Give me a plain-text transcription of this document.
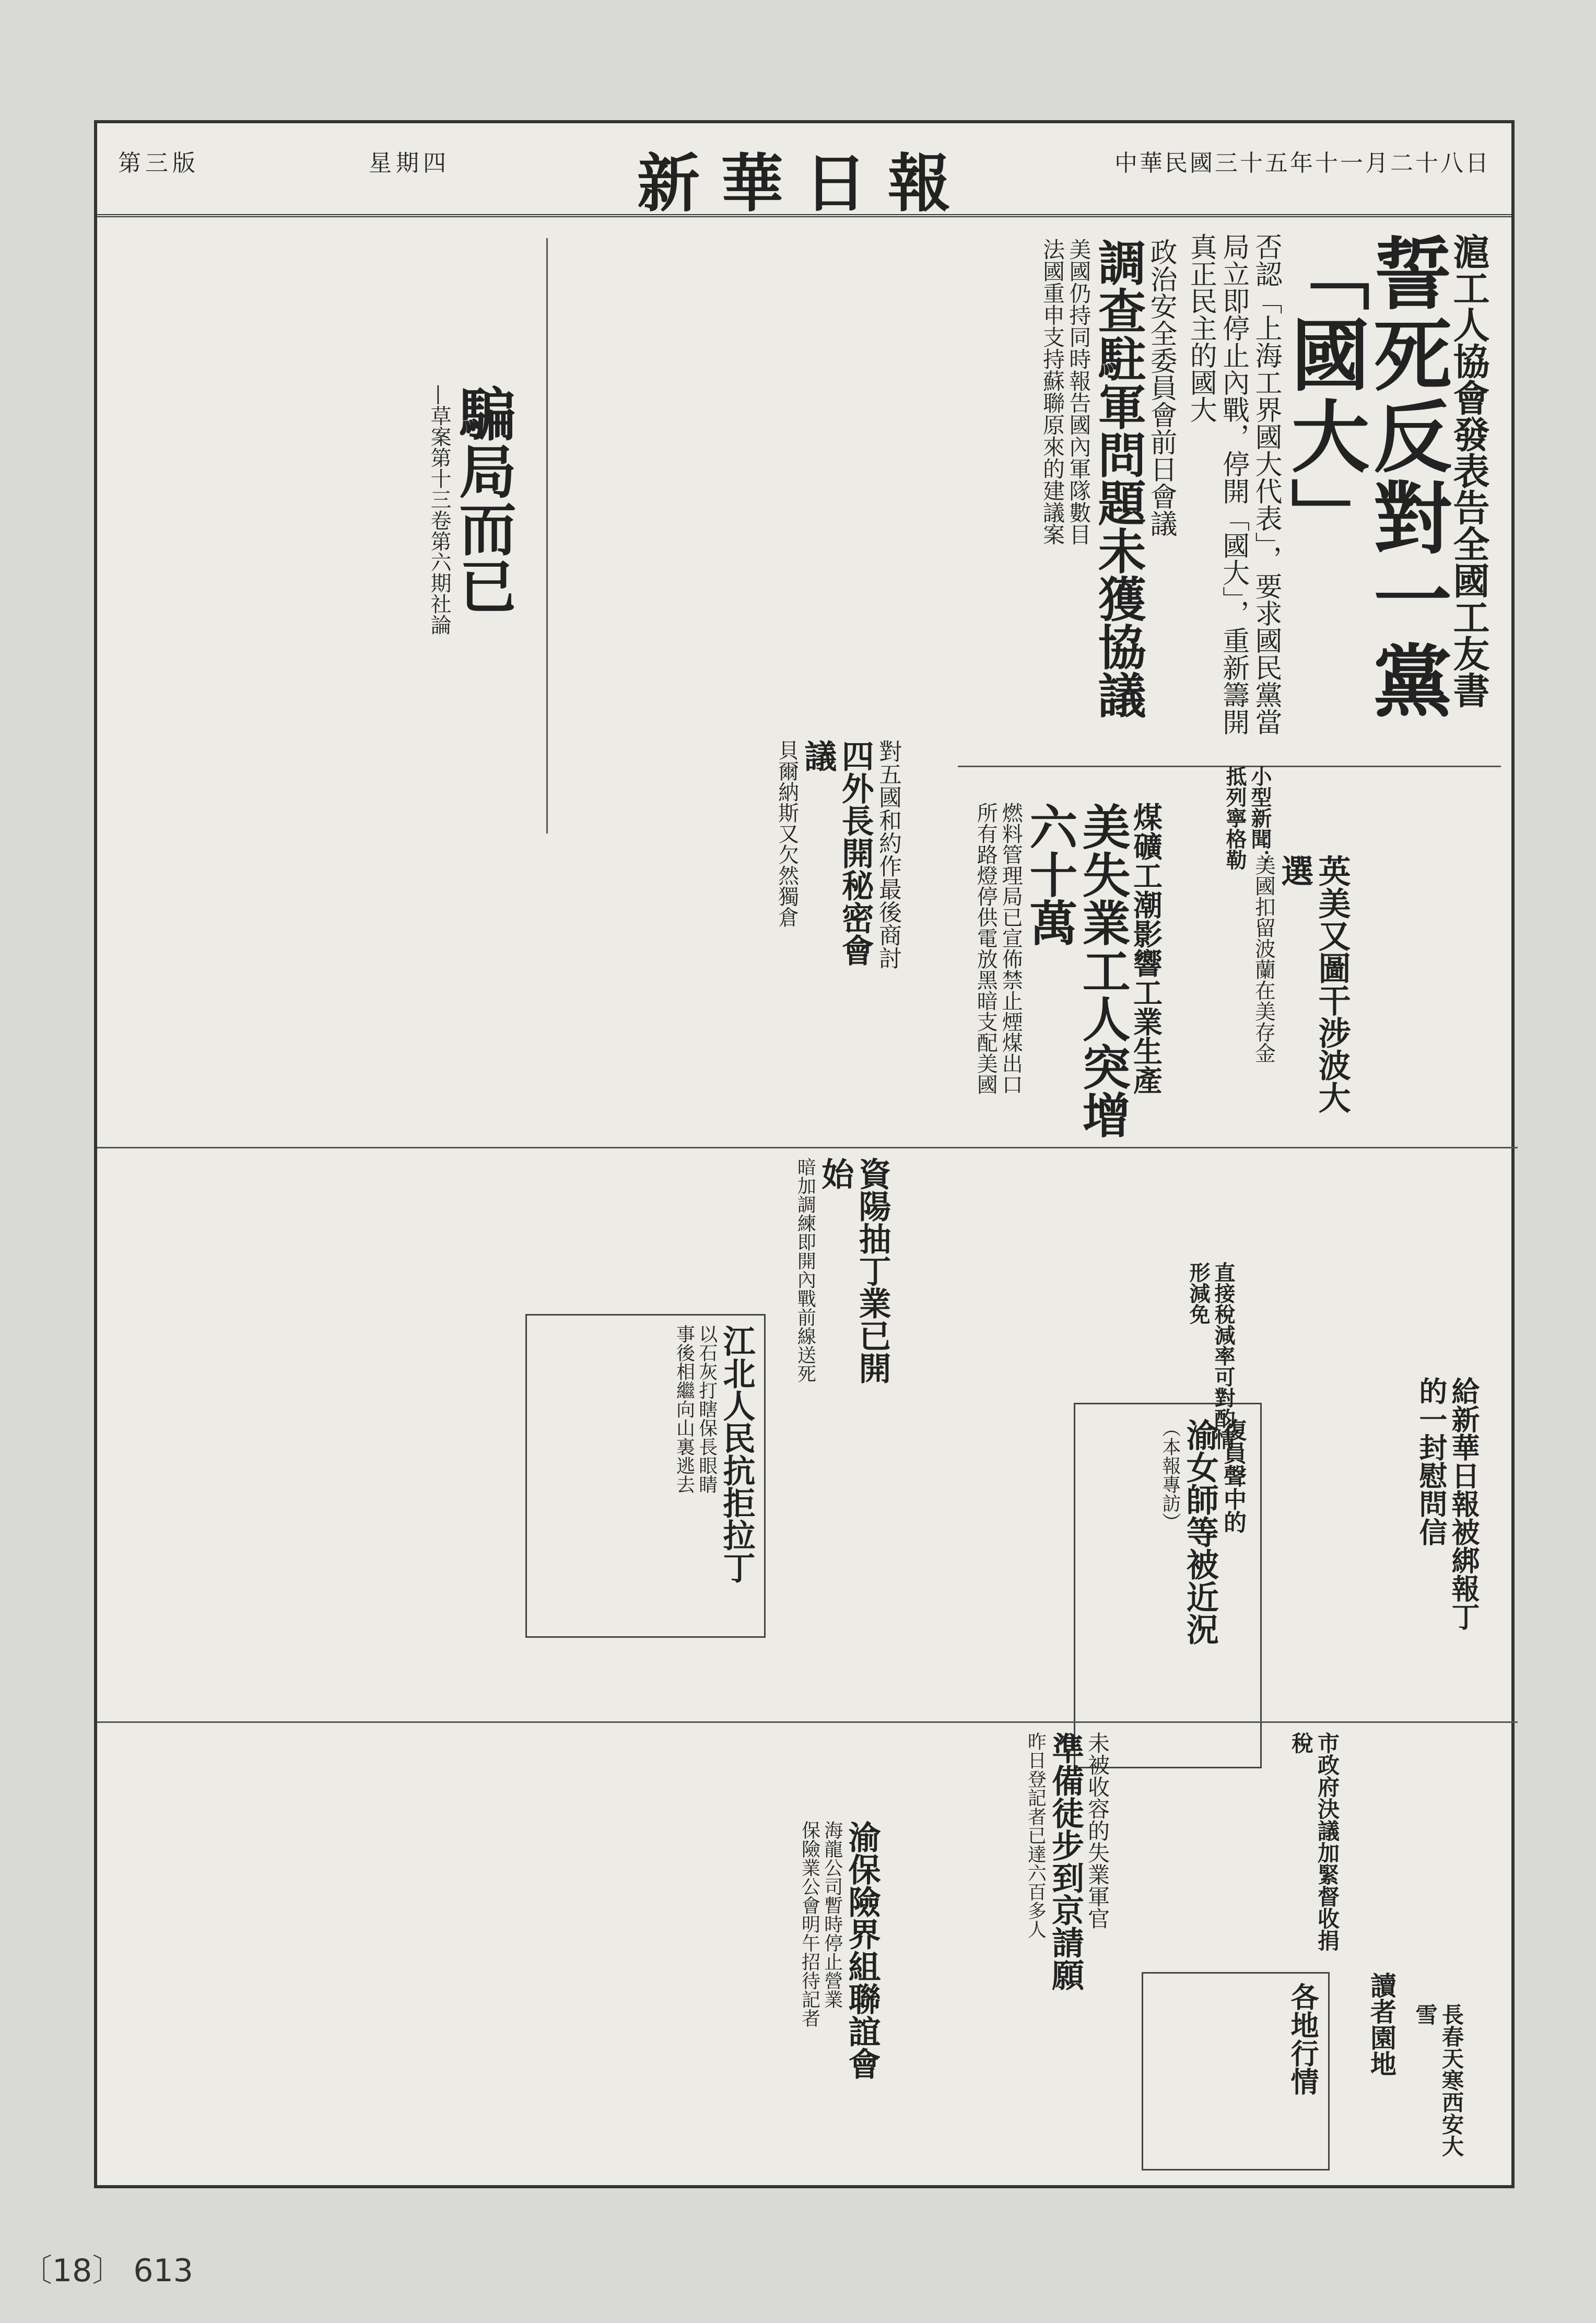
中華民國三十五年十一月二十八日
新華日報
星期四
第三版
滬工人協會發表告全國工友書
誓死反對一黨「國大」
否認「上海工界國大代表」，要求國民黨當局立即停止內戰，停開「國大」，重新籌開真正民主的國大
政治安全委員會前日會議
調查駐軍問題未獲協議
美國仍持同時報告國內軍隊數目
法國重申支持蘇聯原來的建議案
騙局而已
—草案第十三卷第六期社論
對五國和約作最後商討
四外長開秘密會議
貝爾納斯又欠然獨倉	煤礦工潮影響工業生產
美失業工人突增六十萬
燃料管理局已宣佈禁止煙煤出口
所有路燈停供電放黑暗支配美國	英美又圖干涉波大選
美國扣留波蘭在美存金
資陽抽丁業已開始
暗加調練即開內戰前線送死
江北人民抗拒拉丁
以石灰打瞎保長眼睛
事後相繼向山裏逃去	復員聲中的
渝女師等被近況
（本報專訪）	給新華日報被綁報丁的一封慰問信
未被收容的失業軍官
準備徒步到京請願
昨日登記者已達六百多人
渝保險界組聯誼會
海龍公司暫時停止營業
保險業公會明午招待記者
各地行情
市政府決議加緊督收捐稅
直接稅減率可對酌情形減免
小型新聞：抵列寧格勒
讀者園地	長春天寒西安大雪
〔18〕 613
